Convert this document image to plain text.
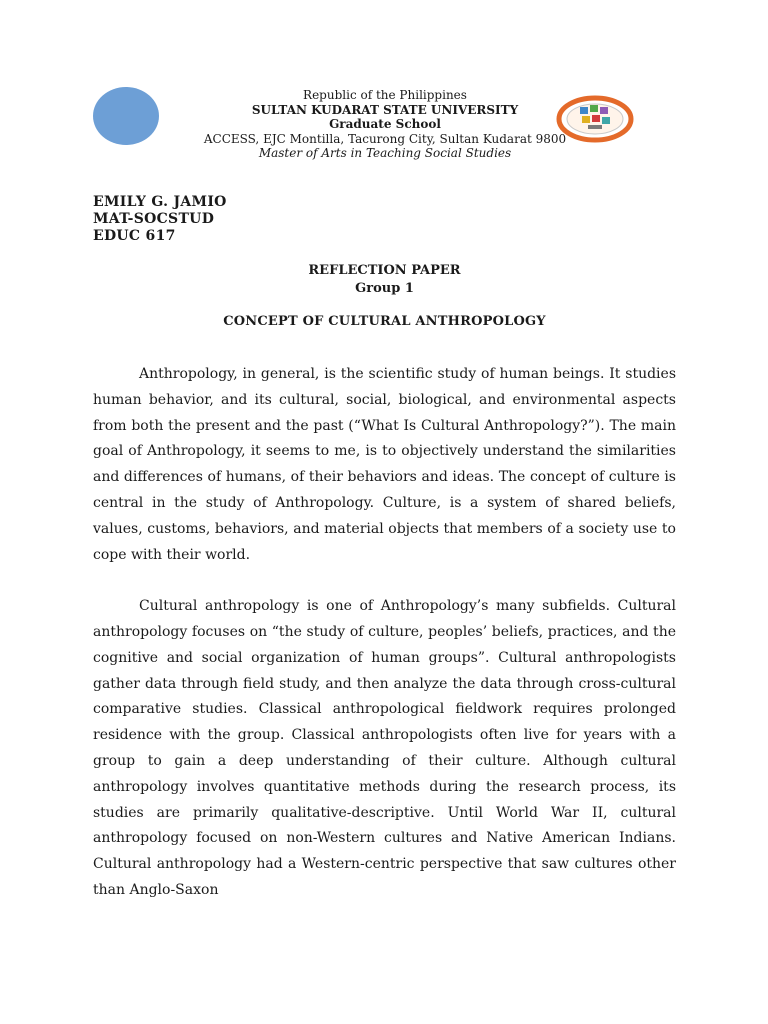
Republic of the Philippines
SULTAN KUDARAT STATE UNIVERSITY
Graduate School
ACCESS, EJC Montilla, Tacurong City, Sultan Kudarat 9800
Master of Arts in Teaching Social Studies
EMILY G. JAMIO
MAT-SOCSTUD
EDUC 617
REFLECTION PAPER
Group 1
CONCEPT OF CULTURAL ANTHROPOLOGY

Anthropology, in general, is the scientific study of human beings. It studies human behavior, and its cultural, social, biological, and environmental aspects from both the present and the past (“What Is Cultural Anthropology?”). The main goal of Anthropology, it seems to me, is to objectively understand the similarities and differences of humans, of their behaviors and ideas. The concept of culture is central in the study of Anthropology. Culture, is a system of shared beliefs, values, customs, behaviors, and material objects that members of a society use to cope with their world.

Cultural anthropology is one of Anthropology’s many subfields. Cultural anthropology focuses on “the study of culture, peoples’ beliefs, practices, and the cognitive and social organization of human groups”. Cultural anthropologists gather data through field study, and then analyze the data through cross-cultural comparative studies. Classical anthropological fieldwork requires prolonged residence with the group. Classical anthropologists often live for years with a group to gain a deep understanding of their culture. Although cultural anthropology involves quantitative methods during the research process, its studies are primarily qualitative-descriptive. Until World War II, cultural anthropology focused on non-Western cultures and Native American Indians. Cultural anthropology had a Western-centric perspective that saw cultures other than Anglo-Saxon
